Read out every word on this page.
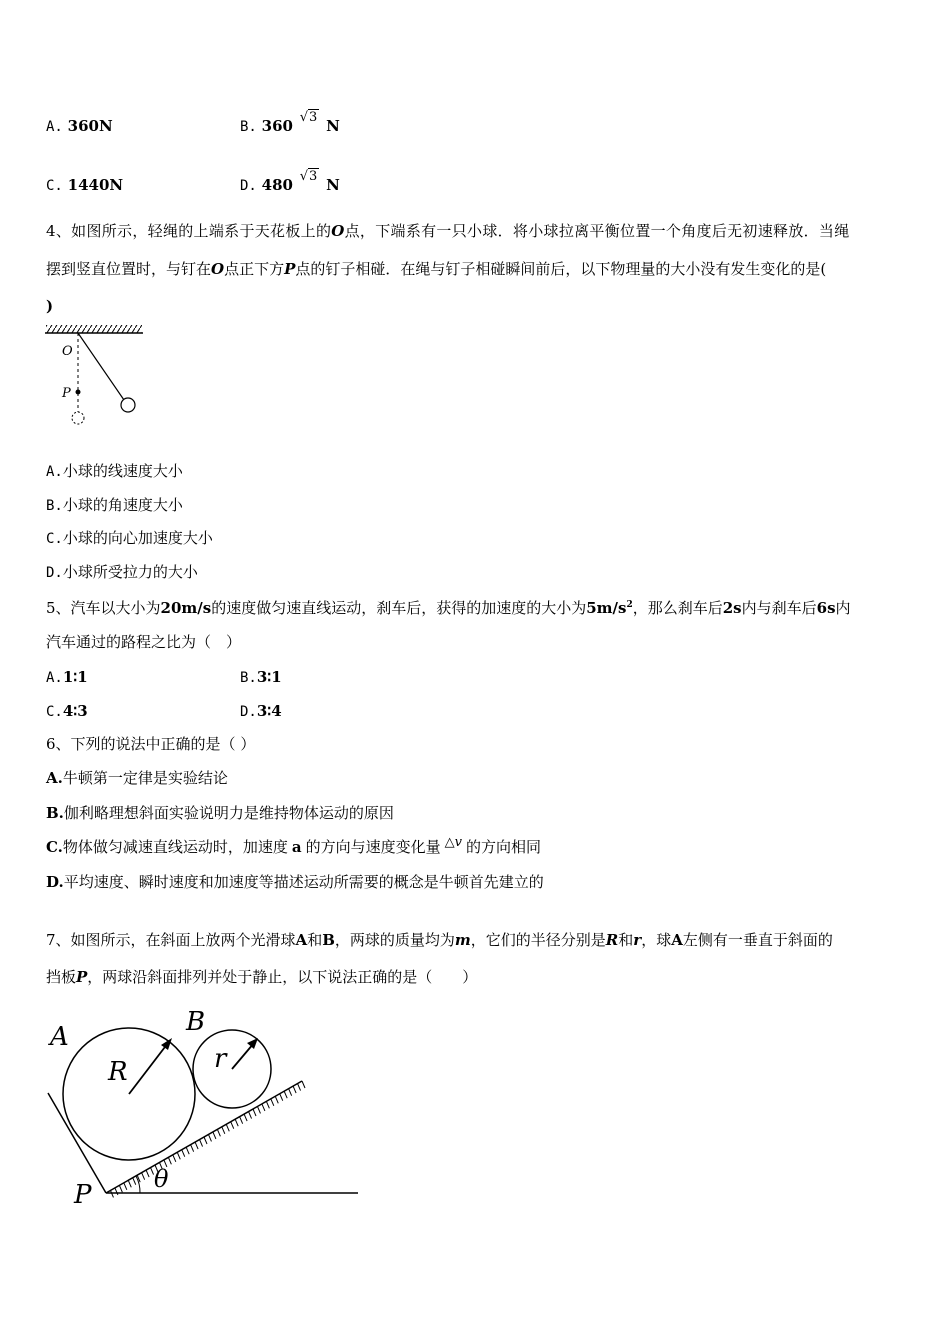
A. 360N	B. 360 √3 N
C. 1440N	D. 480 √3 N
4、如图所示，轻绳的上端系于天花板上的O点，下端系有一只小球．将小球拉离平衡位置一个角度后无初速释放．当绳
摆到竖直位置时，与钉在O点正下方P点的钉子相碰．在绳与钉子相碰瞬间前后，以下物理量的大小没有发生变化的是(
)
O
P
A.小球的线速度大小
B.小球的角速度大小
C.小球的向心加速度大小
D.小球所受拉力的大小
5、汽车以大小为20m/s的速度做匀速直线运动，刹车后，获得的加速度的大小为$5m/s^2$，那么刹车后2s内与刹车后6s内
汽车通过的路程之比为（　）
A.1∶1	B.3∶1
C.4∶3	D.3∶4
6、下列的说法中正确的是（ ）
A.牛顿第一定律是实验结论
B.伽利略理想斜面实验说明力是维持物体运动的原因
C.物体做匀减速直线运动时，加速度 a 的方向与速度变化量 △v 的方向相同
D.平均速度、瞬时速度和加速度等描述运动所需要的概念是牛顿首先建立的
7、如图所示，在斜面上放两个光滑球A和B，两球的质量均为m，它们的半径分别是R和r，球A左侧有一垂直于斜面的
挡板P，两球沿斜面排列并处于静止，以下说法正确的是（　　）
A	B
R	r
P
θ
